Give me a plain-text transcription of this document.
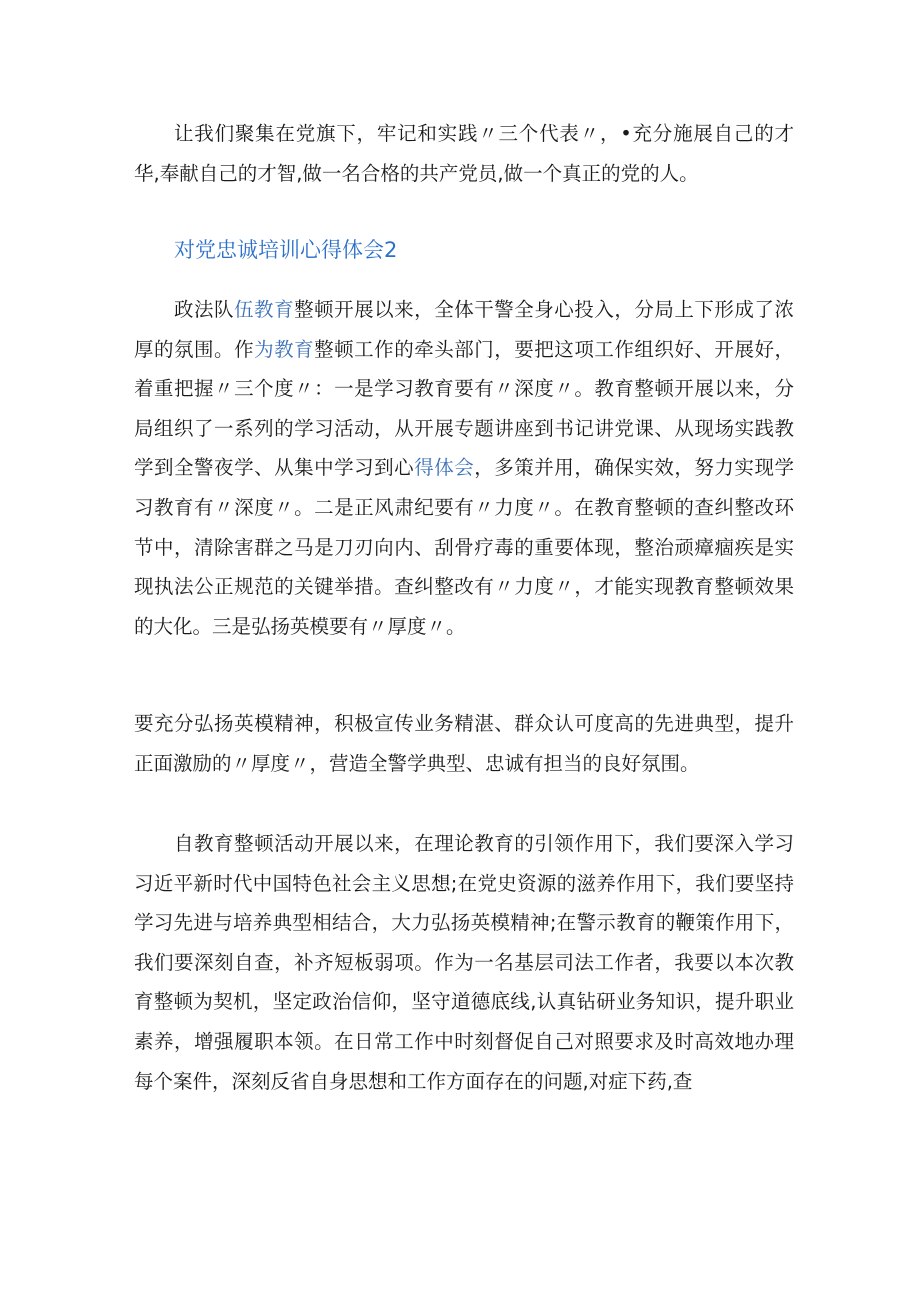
让我们聚集在党旗下，牢记和实践〃三个代表〃，•充分施展自己的才华,奉献自己的才智,做一名合格的共产党员,做一个真正的党的人。

对党忠诚培训心得体会2

政法队伍教育整顿开展以来，全体干警全身心投入，分局上下形成了浓厚的氛围。作为教育整顿工作的牵头部门，要把这项工作组织好、开展好，着重把握〃三个度〃：一是学习教育要有〃深度〃。教育整顿开展以来，分局组织了一系列的学习活动，从开展专题讲座到书记讲党课、从现场实践教学到全警夜学、从集中学习到心得体会，多策并用，确保实效，努力实现学习教育有〃深度〃。二是正风肃纪要有〃力度〃。在教育整顿的查纠整改环节中，清除害群之马是刀刃向内、刮骨疗毒的重要体现，整治顽瘴痼疾是实现执法公正规范的关键举措。查纠整改有〃力度〃，才能实现教育整顿效果的大化。三是弘扬英模要有〃厚度〃。

要充分弘扬英模精神，积极宣传业务精湛、群众认可度高的先进典型，提升正面激励的〃厚度〃，营造全警学典型、忠诚有担当的良好氛围。

自教育整顿活动开展以来，在理论教育的引领作用下，我们要深入学习习近平新时代中国特色社会主义思想;在党史资源的滋养作用下，我们要坚持学习先进与培养典型相结合，大力弘扬英模精神;在警示教育的鞭策作用下，我们要深刻自查，补齐短板弱项。作为一名基层司法工作者，我要以本次教育整顿为契机，坚定政治信仰，坚守道德底线,认真钻研业务知识，提升职业素养，增强履职本领。在日常工作中时刻督促自己对照要求及时高效地办理每个案件，深刻反省自身思想和工作方面存在的问题,对症下药,查
